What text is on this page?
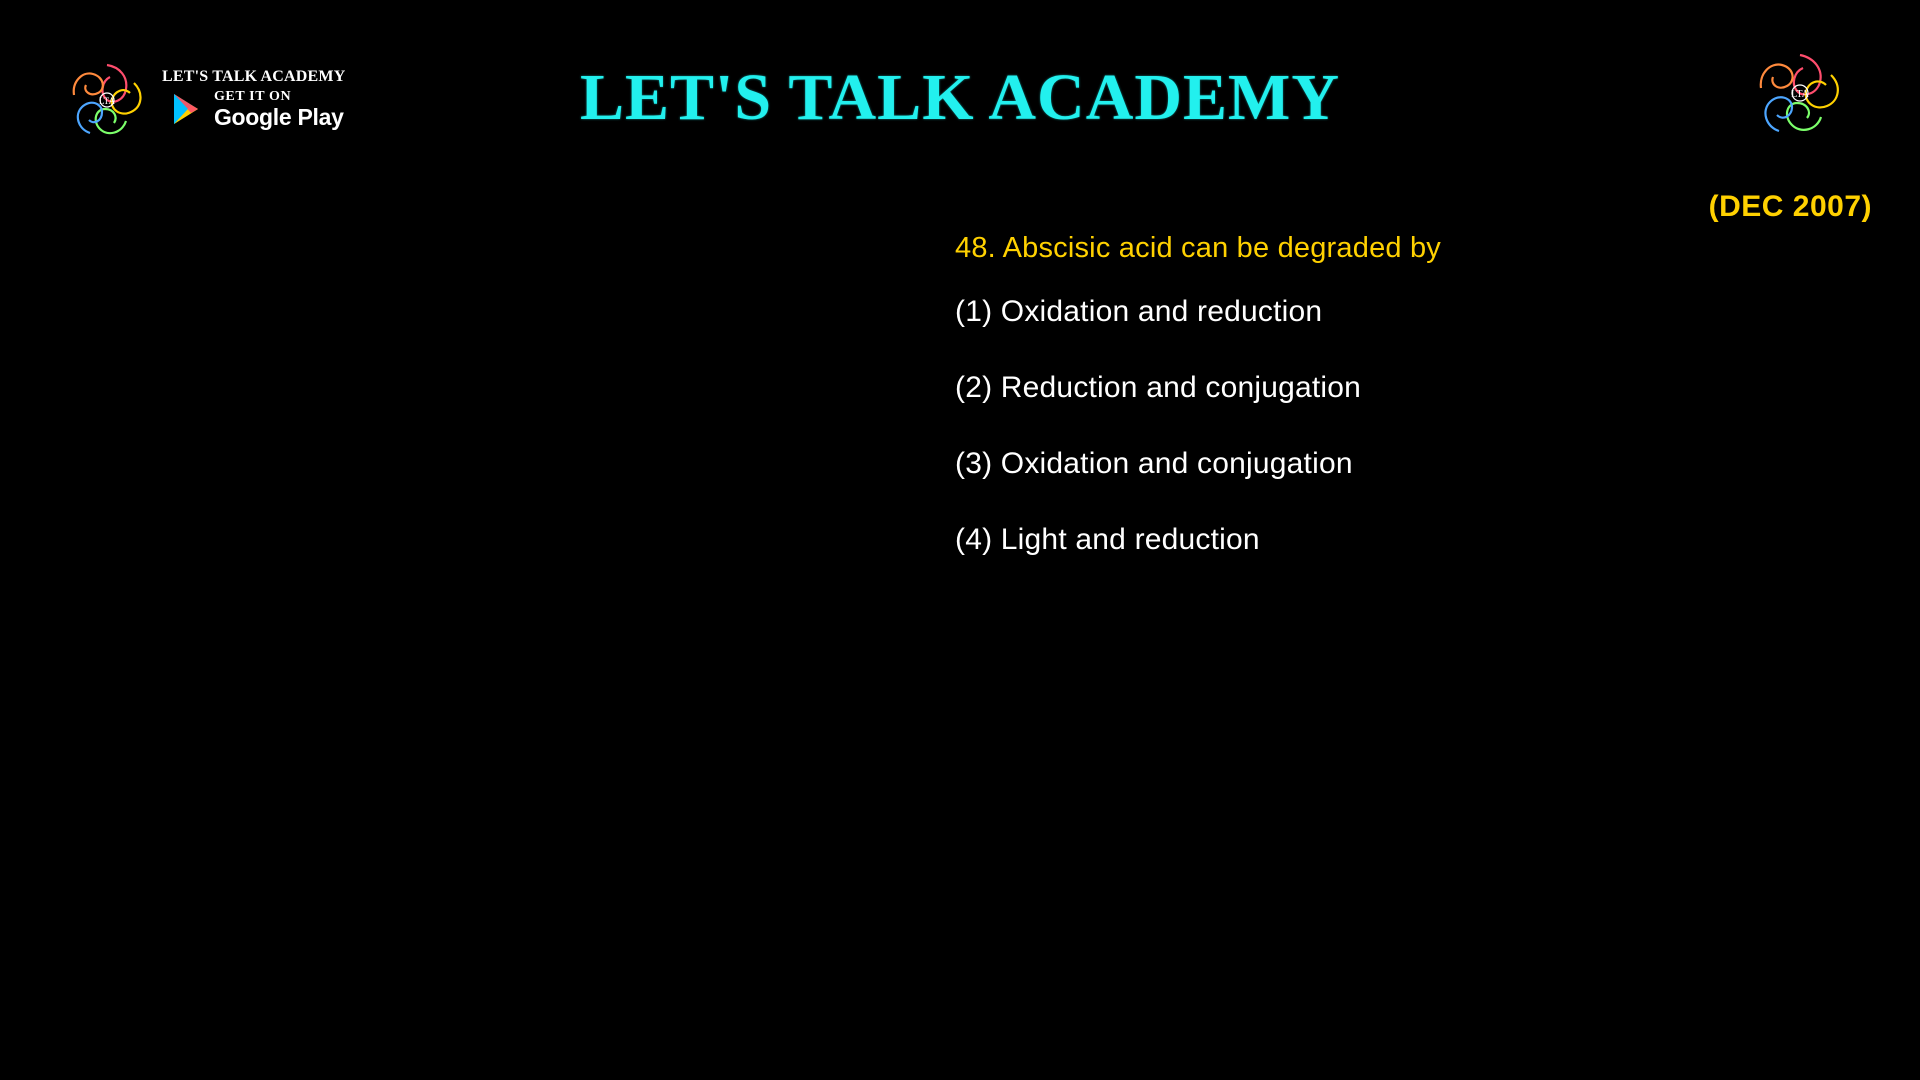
LTA
LET'S TALK ACADEMY
GET IT ON
Google Play	LET'S TALK ACADEMY	LTA
(DEC 2007)
48. Abscisic acid can be degraded by
(1) Oxidation and reduction
(2) Reduction and conjugation
(3) Oxidation and conjugation
(4) Light and reduction
